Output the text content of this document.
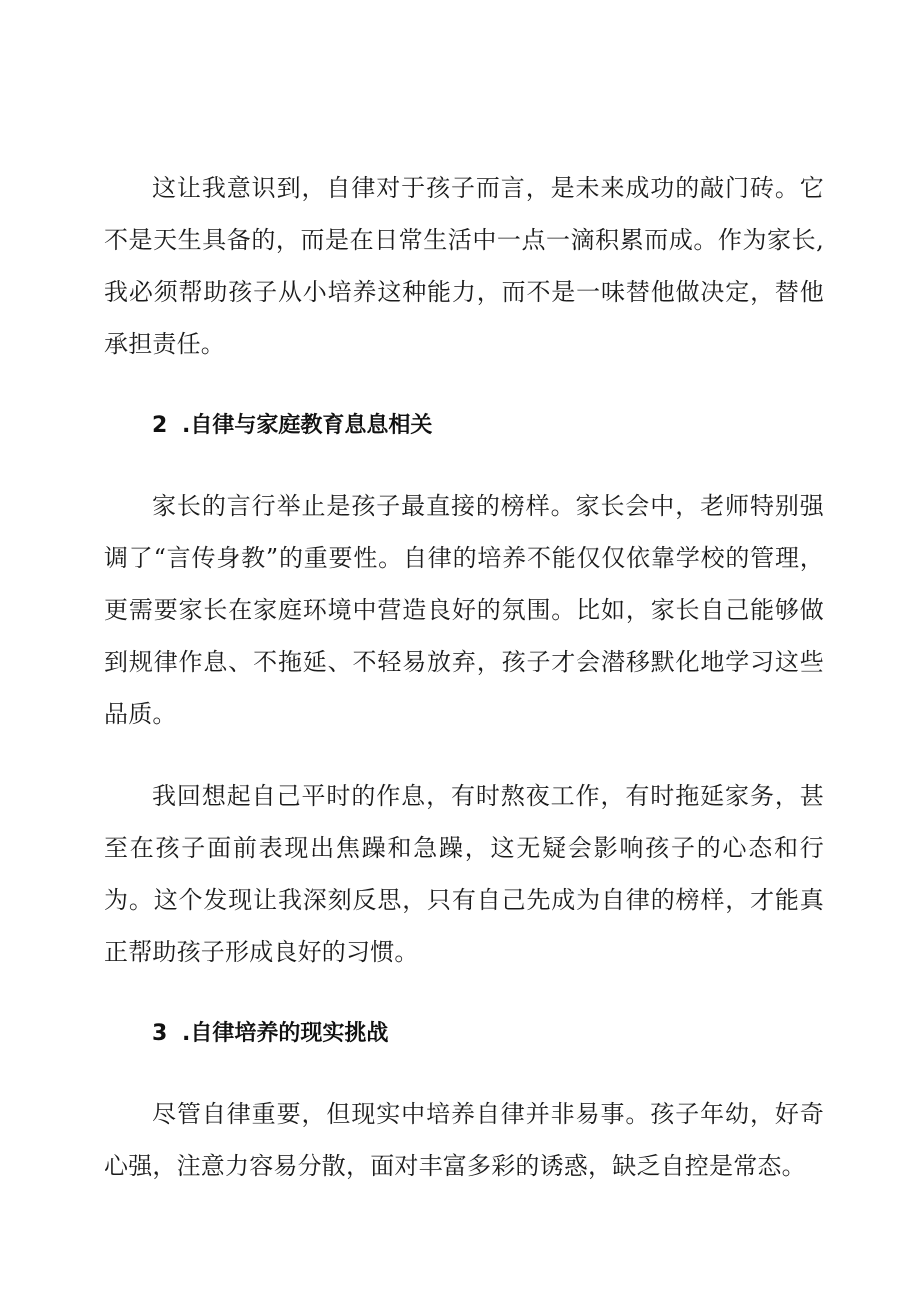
这让我意识到，自律对于孩子而言，是未来成功的敲门砖。它不是天生具备的，而是在日常生活中一点一滴积累而成。作为家长,我必须帮助孩子从小培养这种能力，而不是一味替他做决定，替他承担责任。

2 .自律与家庭教育息息相关

家长的言行举止是孩子最直接的榜样。家长会中，老师特别强调了“言传身教”的重要性。自律的培养不能仅仅依靠学校的管理，更需要家长在家庭环境中营造良好的氛围。比如，家长自己能够做到规律作息、不拖延、不轻易放弃，孩子才会潜移默化地学习这些品质。

我回想起自己平时的作息，有时熬夜工作，有时拖延家务，甚至在孩子面前表现出焦躁和急躁，这无疑会影响孩子的心态和行为。这个发现让我深刻反思，只有自己先成为自律的榜样，才能真正帮助孩子形成良好的习惯。

3 .自律培养的现实挑战

尽管自律重要，但现实中培养自律并非易事。孩子年幼，好奇心强，注意力容易分散，面对丰富多彩的诱惑，缺乏自控是常态。
